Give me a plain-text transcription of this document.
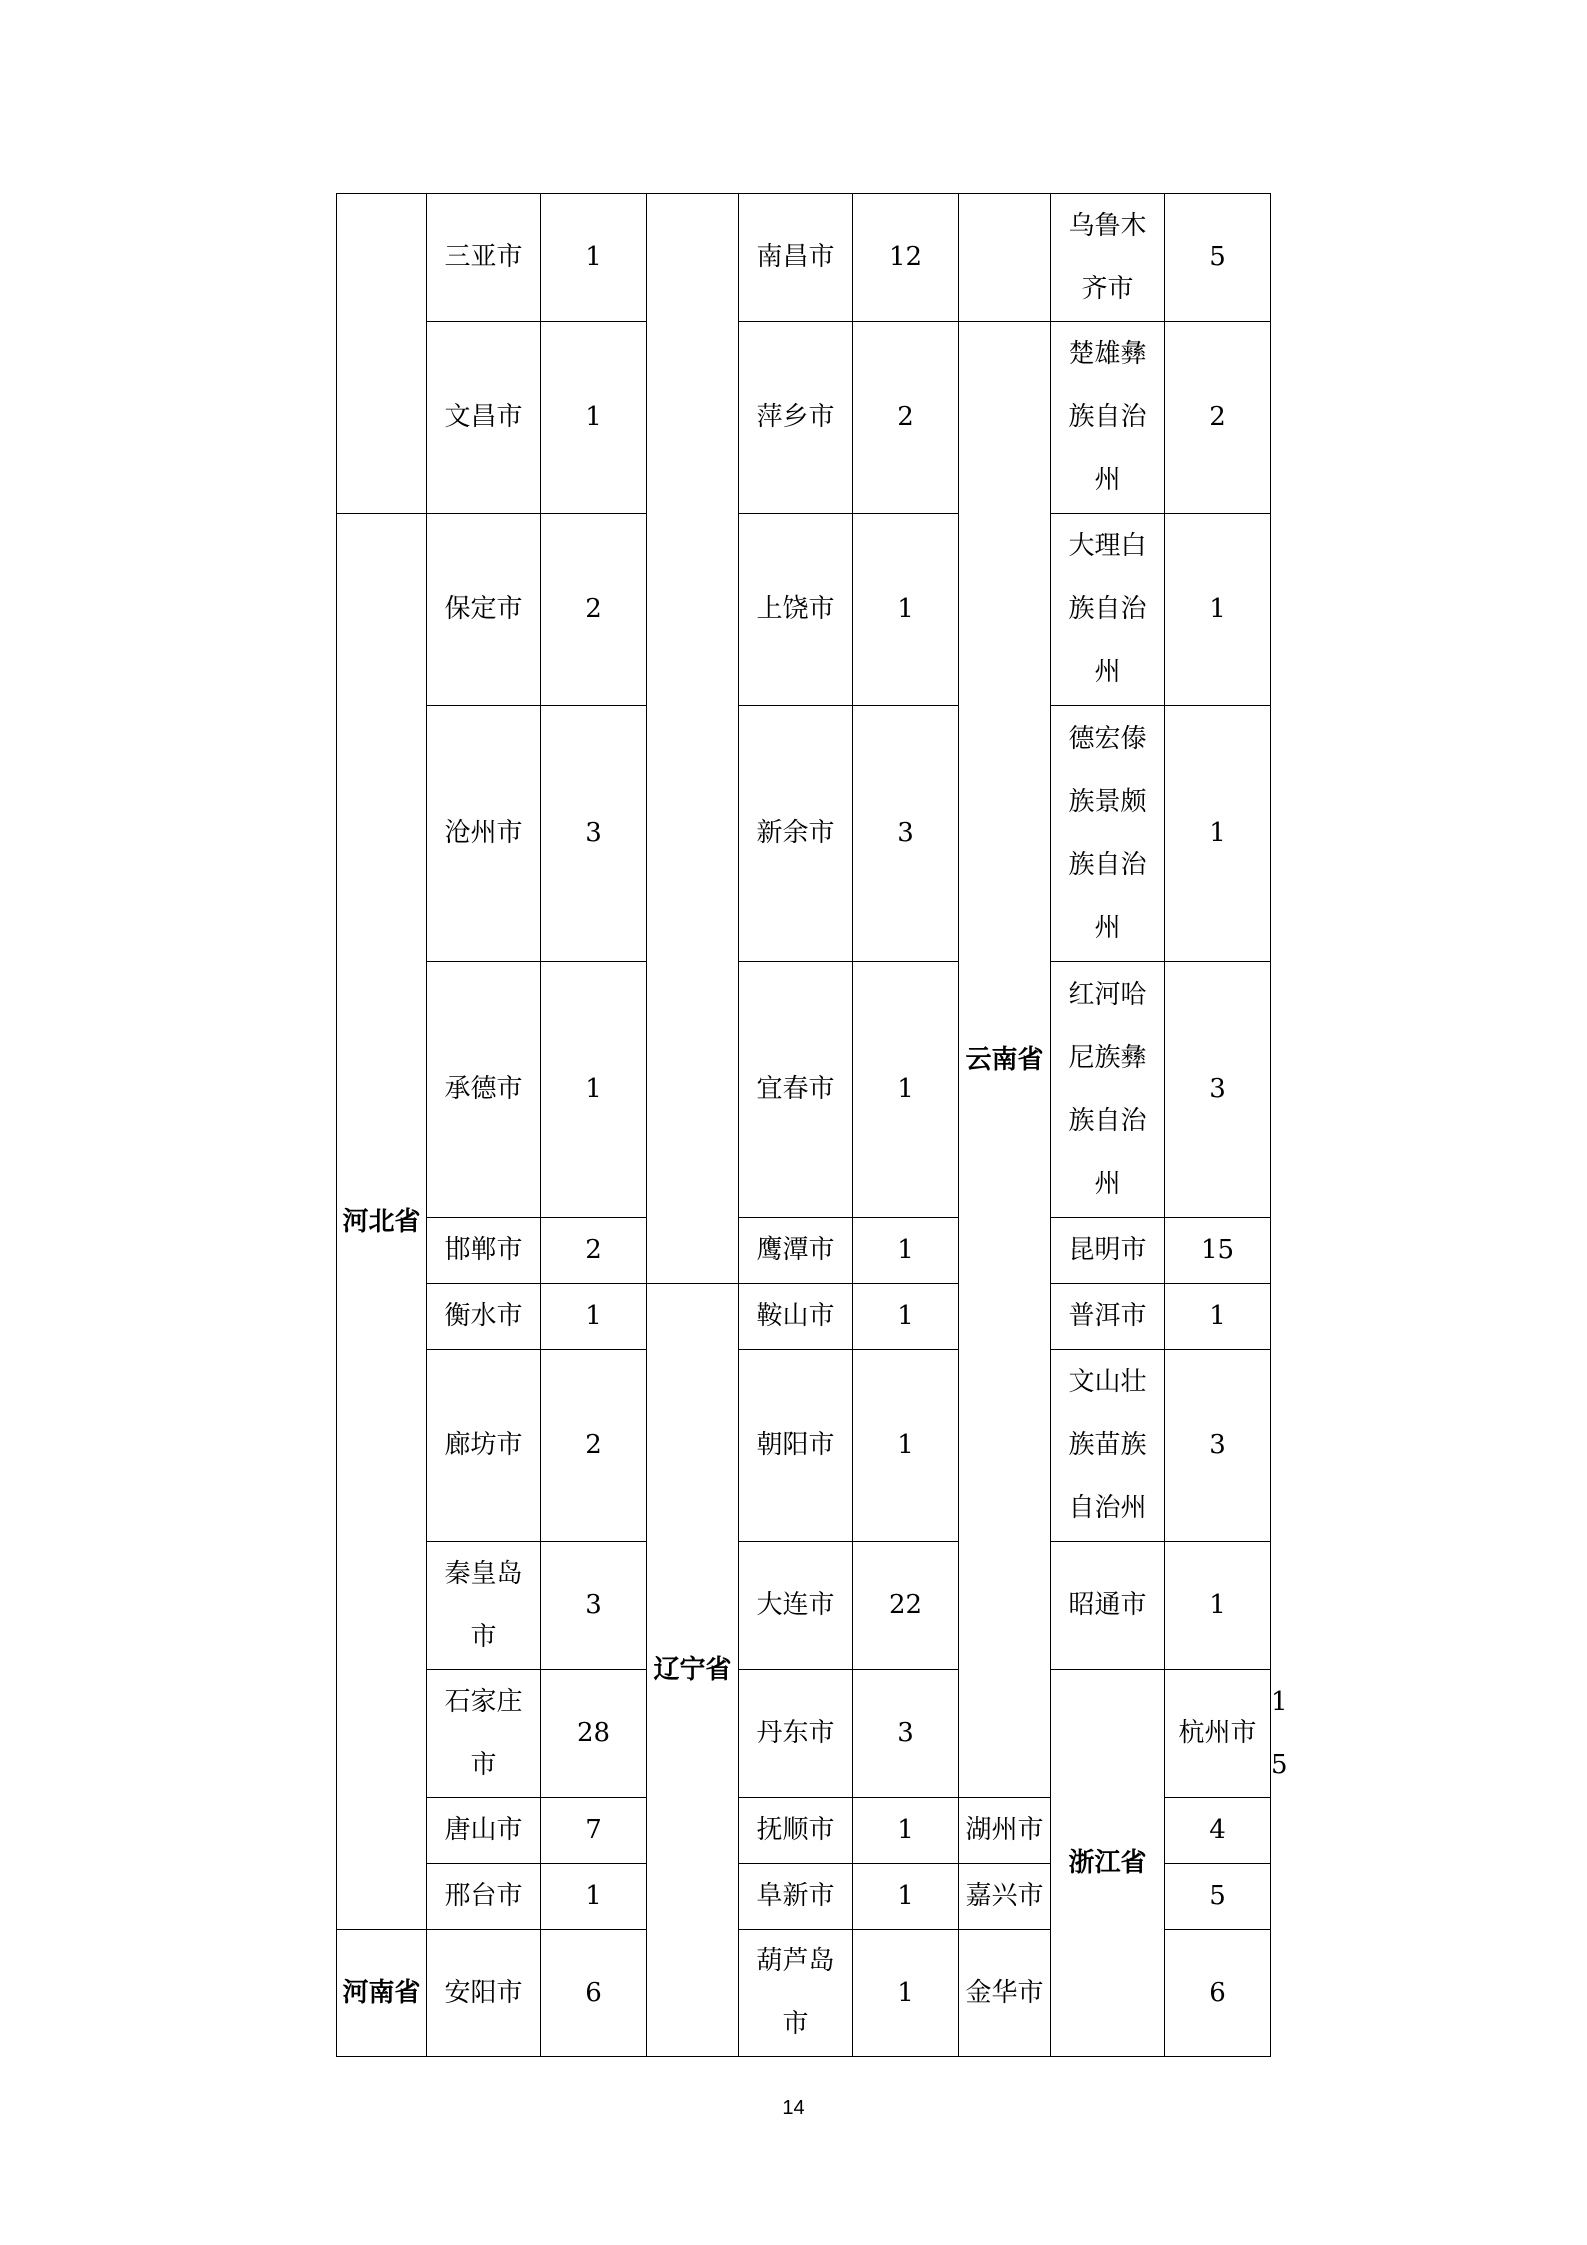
	三亚市	1		南昌市	12		乌鲁木齐市	5	
	文昌市	1		萍乡市	2	云南省	楚雄彝族自治州	2	
河北省	保定市	2		上饶市	1		大理白族自治州	1	
	沧州市	3		新余市	3		德宏傣族景颇族自治州	1	
	承德市	1		宜春市	1		红河哈尼族彝族自治州	3	
	邯郸市	2		鹰潭市	1		昆明市	15	
	衡水市	1	辽宁省	鞍山市	1		普洱市	1	
	廊坊市	2		朝阳市	1		文山壮族苗族自治州	3	
	秦皇岛市	3		大连市	22		昭通市	1	
	石家庄市	28		丹东市	3		浙江省	杭州市	15
	唐山市	7		抚顺市	1	湖州市		4	
	邢台市	1		阜新市	1	嘉兴市		5	
河南省	安阳市	6		葫芦岛市	1	金华市		6	
14
